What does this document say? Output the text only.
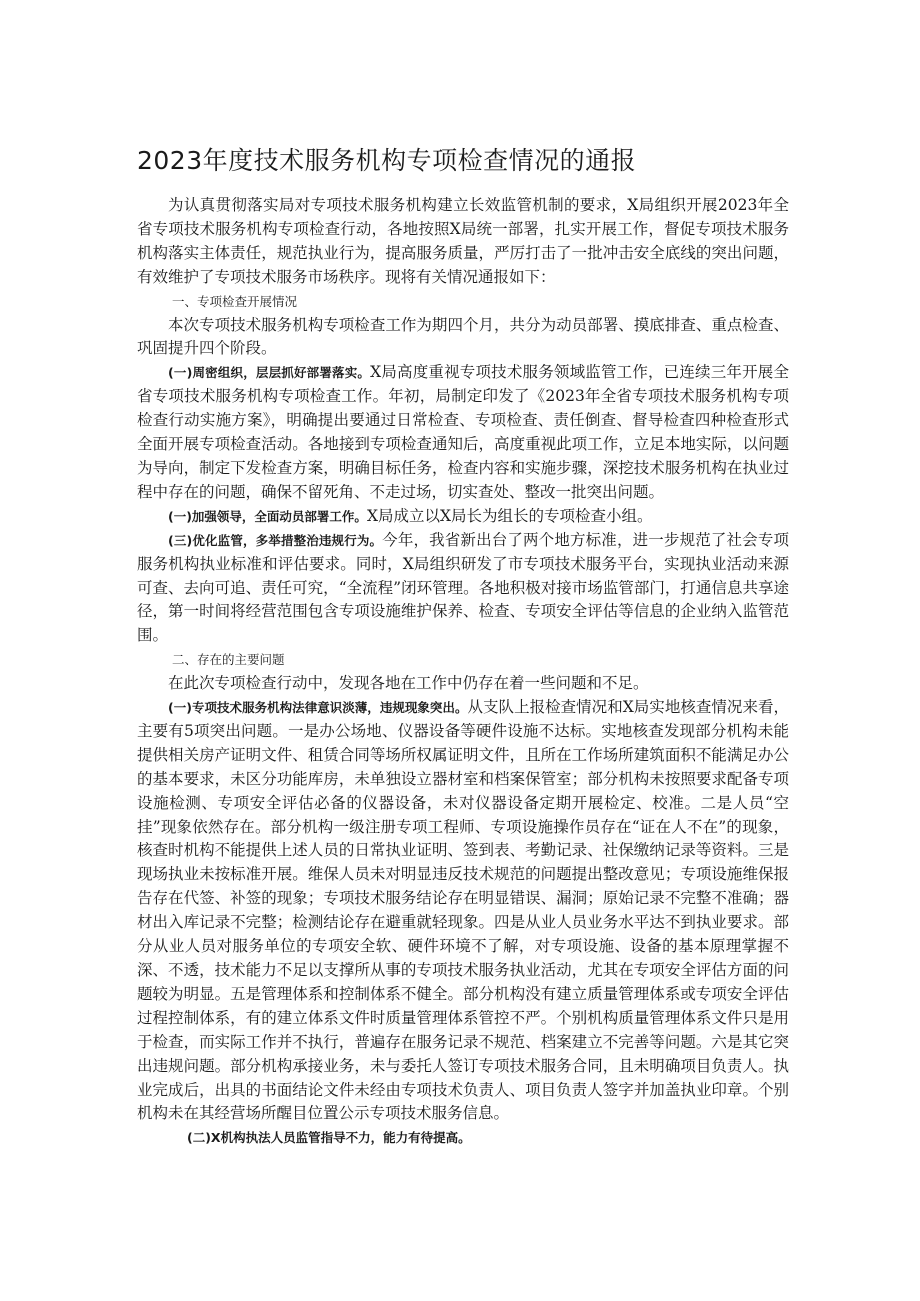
2023年度技术服务机构专项检查情况的通报

为认真贯彻落实局对专项技术服务机构建立长效监管机制的要求，X局组织开展2023年全省专项技术服务机构专项检查行动，各地按照X局统一部署，扎实开展工作，督促专项技术服务机构落实主体责任，规范执业行为，提高服务质量，严厉打击了一批冲击安全底线的突出问题，有效维护了专项技术服务市场秩序。现将有关情况通报如下：

一、专项检查开展情况

本次专项技术服务机构专项检查工作为期四个月，共分为动员部署、摸底排查、重点检查、巩固提升四个阶段。

(一)周密组织，层层抓好部署落实。X局高度重视专项技术服务领域监管工作，已连续三年开展全省专项技术服务机构专项检查工作。年初，局制定印发了《2023年全省专项技术服务机构专项检查行动实施方案》，明确提出要通过日常检查、专项检查、责任倒查、督导检查四种检查形式全面开展专项检查活动。各地接到专项检查通知后，高度重视此项工作，立足本地实际，以问题为导向，制定下发检查方案，明确目标任务，检查内容和实施步骤，深挖技术服务机构在执业过程中存在的问题，确保不留死角、不走过场，切实查处、整改一批突出问题。

(一)加强领导，全面动员部署工作。X局成立以X局长为组长的专项检查小组。

(三)优化监管，多举措整治违规行为。今年，我省新出台了两个地方标准，进一步规范了社会专项服务机构执业标准和评估要求。同时，X局组织研发了市专项技术服务平台，实现执业活动来源可查、去向可追、责任可究，“全流程”闭环管理。各地积极对接市场监管部门，打通信息共享途径，第一时间将经营范围包含专项设施维护保养、检查、专项安全评估等信息的企业纳入监管范围。

二、存在的主要问题

在此次专项检查行动中，发现各地在工作中仍存在着一些问题和不足。

(一)专项技术服务机构法律意识淡薄，违规现象突出。从支队上报检查情况和X局实地核查情况来看，主要有5项突出问题。一是办公场地、仪器设备等硬件设施不达标。实地核查发现部分机构未能提供相关房产证明文件、租赁合同等场所权属证明文件，且所在工作场所建筑面积不能满足办公的基本要求，未区分功能库房，未单独设立器材室和档案保管室；部分机构未按照要求配备专项设施检测、专项安全评估必备的仪器设备，未对仪器设备定期开展检定、校准。二是人员“空挂”现象依然存在。部分机构一级注册专项工程师、专项设施操作员存在“证在人不在”的现象，核查时机构不能提供上述人员的日常执业证明、签到表、考勤记录、社保缴纳记录等资料。三是现场执业未按标准开展。维保人员未对明显违反技术规范的问题提出整改意见；专项设施维保报告存在代签、补签的现象；专项技术服务结论存在明显错误、漏洞；原始记录不完整不准确；器材出入库记录不完整；检测结论存在避重就轻现象。四是从业人员业务水平达不到执业要求。部分从业人员对服务单位的专项安全软、硬件环境不了解，对专项设施、设备的基本原理掌握不深、不透，技术能力不足以支撑所从事的专项技术服务执业活动，尤其在专项安全评估方面的问题较为明显。五是管理体系和控制体系不健全。部分机构没有建立质量管理体系或专项安全评估过程控制体系，有的建立体系文件时质量管理体系管控不严。个别机构质量管理体系文件只是用于检查，而实际工作并不执行，普遍存在服务记录不规范、档案建立不完善等问题。六是其它突出违规问题。部分机构承接业务，未与委托人签订专项技术服务合同，且未明确项目负责人。执业完成后，出具的书面结论文件未经由专项技术负责人、项目负责人签字并加盖执业印章。个别机构未在其经营场所醒目位置公示专项技术服务信息。

(二)X机构执法人员监管指导不力，能力有待提高。
